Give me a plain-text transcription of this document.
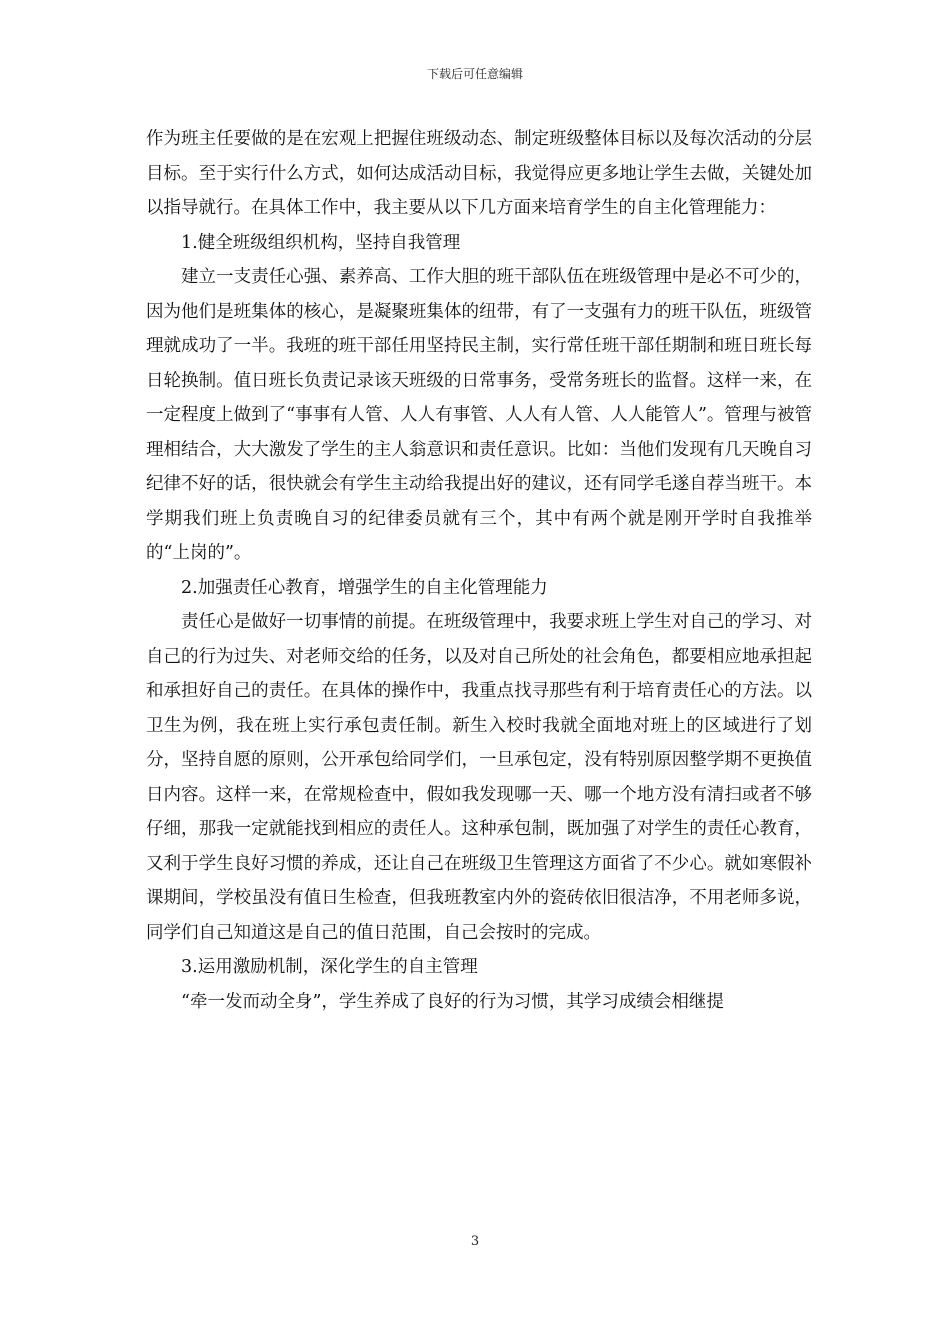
下载后可任意编辑

作为班主任要做的是在宏观上把握住班级动态、制定班级整体目标以及每次活动的分层目标。至于实行什么方式，如何达成活动目标，我觉得应更多地让学生去做，关键处加以指导就行。在具体工作中，我主要从以下几方面来培育学生的自主化管理能力：

1.健全班级组织机构，坚持自我管理

建立一支责任心强、素养高、工作大胆的班干部队伍在班级管理中是必不可少的，因为他们是班集体的核心，是凝聚班集体的纽带，有了一支强有力的班干队伍，班级管理就成功了一半。我班的班干部任用坚持民主制，实行常任班干部任期制和班日班长每日轮换制。值日班长负责记录该天班级的日常事务，受常务班长的监督。这样一来，在一定程度上做到了“事事有人管、人人有事管、人人有人管、人人能管人”。管理与被管理相结合，大大激发了学生的主人翁意识和责任意识。比如：当他们发现有几天晚自习纪律不好的话，很快就会有学生主动给我提出好的建议，还有同学毛遂自荐当班干。本学期我们班上负责晚自习的纪律委员就有三个，其中有两个就是刚开学时自我推举的“上岗的”。

2.加强责任心教育，增强学生的自主化管理能力

责任心是做好一切事情的前提。在班级管理中，我要求班上学生对自己的学习、对自己的行为过失、对老师交给的任务，以及对自己所处的社会角色，都要相应地承担起和承担好自己的责任。在具体的操作中，我重点找寻那些有利于培育责任心的方法。以卫生为例，我在班上实行承包责任制。新生入校时我就全面地对班上的区域进行了划分，坚持自愿的原则，公开承包给同学们，一旦承包定，没有特别原因整学期不更换值日内容。这样一来，在常规检查中，假如我发现哪一天、哪一个地方没有清扫或者不够仔细，那我一定就能找到相应的责任人。这种承包制，既加强了对学生的责任心教育，又利于学生良好习惯的养成，还让自己在班级卫生管理这方面省了不少心。就如寒假补课期间，学校虽没有值日生检查，但我班教室内外的瓷砖依旧很洁净，不用老师多说，同学们自己知道这是自己的值日范围，自己会按时的完成。

3.运用激励机制，深化学生的自主管理

“牵一发而动全身”，学生养成了良好的行为习惯，其学习成绩会相继提

3
